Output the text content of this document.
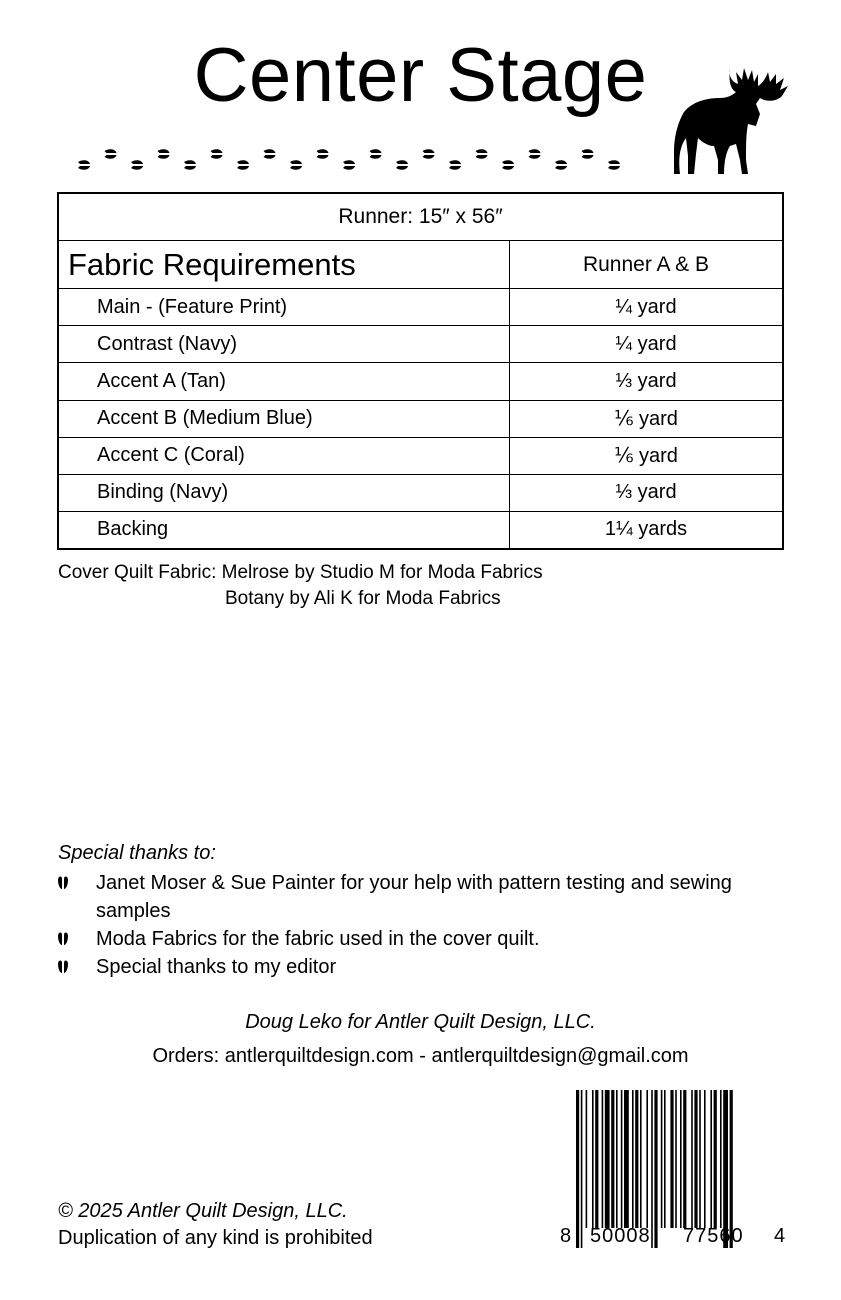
Center Stage
Runner: 15″ x 56″	
Fabric Requirements	Runner A & B
Main - (Feature Print)	¼ yard
Contrast (Navy)	¼ yard
Accent A (Tan)	⅓ yard
Accent B (Medium Blue)	⅙ yard
Accent C (Coral)	⅙ yard
Binding (Navy)	⅓ yard
Backing	1¼ yards
Cover Quilt Fabric: Melrose by Studio M for Moda Fabrics
Botany by Ali K for Moda Fabrics
Special thanks to:
Janet Moser & Sue Painter for your help with pattern testing and sewing samples
Moda Fabrics for the fabric used in the cover quilt.
Special thanks to my editor
Doug Leko for Antler Quilt Design, LLC.
Orders: antlerquiltdesign.com - antlerquiltdesign@gmail.com
8 50008 77560 4
© 2025 Antler Quilt Design, LLC.
Duplication of any kind is prohibited
